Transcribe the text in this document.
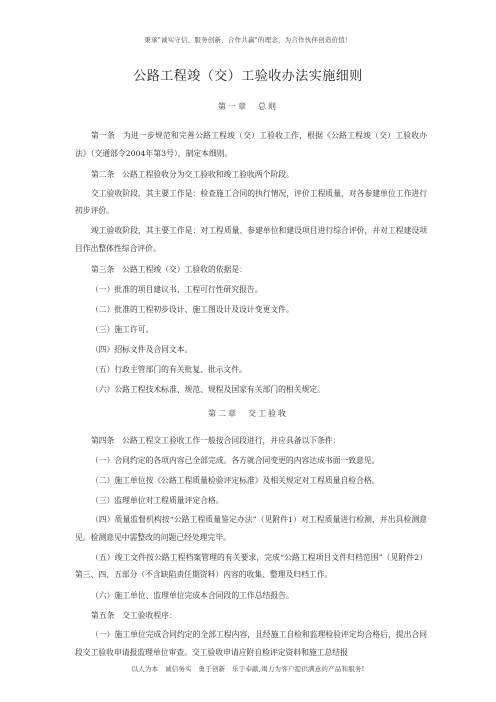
秉承"诚实守信、服务创新、合作共赢"的理念，为合作伙伴创造价值！
公路工程竣（交）工验收办法实施细则
第一章　总则

第一条　为进一步规范和完善公路工程竣（交）工验收工作，根据《公路工程竣（交）工验收办法》（交通部令2004年第3号），制定本细则。

第二条　公路工程验收分为交工验收和竣工验收两个阶段。

交工验收阶段，其主要工作是：检查施工合同的执行情况，评价工程质量，对各参建单位工作进行初步评价。

竣工验收阶段，其主要工作是：对工程质量、参建单位和建设项目进行综合评价，并对工程建设项目作出整体性综合评价。

第三条　公路工程竣（交）工验收的依据是：

（一）批准的项目建议书、工程可行性研究报告。

（二）批准的工程初步设计、施工图设计及设计变更文件。

（三）施工许可。

（四）招标文件及合同文本。

（五）行政主管部门的有关批复、批示文件。

（六）公路工程技术标准、规范、规程及国家有关部门的相关规定。

第二章　交工验收

第四条　公路工程交工验收工作一般按合同段进行，并应具备以下条件：

（一）合同约定的各项内容已全部完成。各方就合同变更的内容达成书面一致意见。

（二）施工单位按《公路工程质量检验评定标准》及相关规定对工程质量自检合格。

（三）监理单位对工程质量评定合格。

（四）质量监督机构按“公路工程质量鉴定办法”（见附件1）对工程质量进行检测，并出具检测意见。检测意见中需整改的问题已经处理完毕。

（五）竣工文件按公路工程档案管理的有关要求，完成“公路工程项目文件归档范围”（见附件2）第三、四、五部分（不含缺陷责任期资料）内容的收集、整理及归档工作。

（六）施工单位、监理单位完成本合同段的工作总结报告。

第五条　交工验收程序：

（一）施工单位完成合同约定的全部工程内容，且经施工自检和监理检验评定均合格后，提出合同段交工验收申请报监理单位审查。交工验收申请应附自检评定资料和施工总结报

以人为本　诚信务实　勇于创新　乐于奉献,竭力为客户提供满意的产品和服务!
